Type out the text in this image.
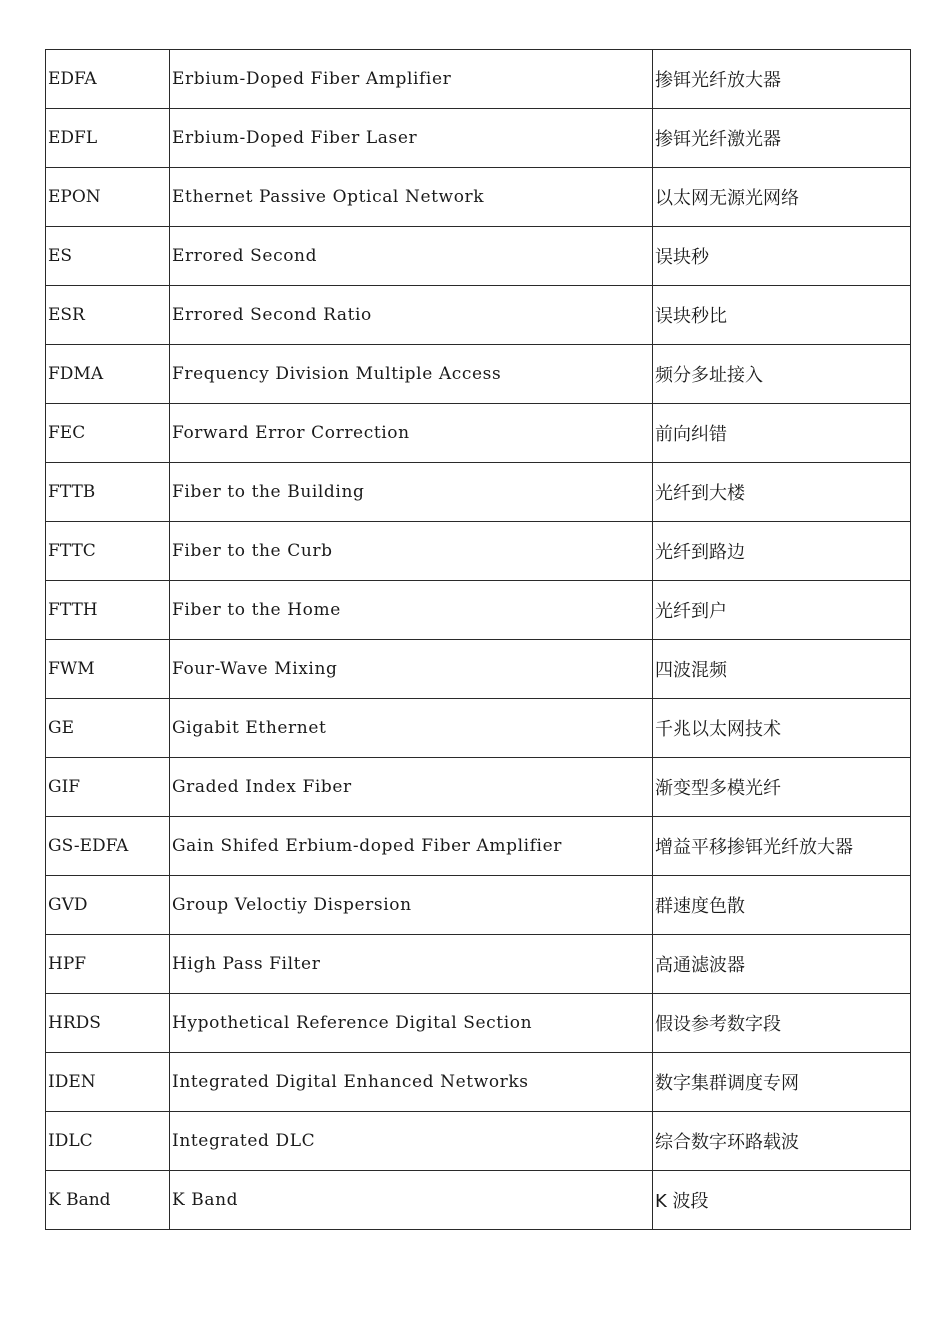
EDFA	Erbium-Doped Fiber Amplifier	掺铒光纤放大器
EDFL	Erbium-Doped Fiber Laser	掺铒光纤激光器
EPON	Ethernet Passive Optical Network	以太网无源光网络
ES	Errored Second	误块秒
ESR	Errored Second Ratio	误块秒比
FDMA	Frequency Division Multiple Access	频分多址接入
FEC	Forward Error Correction	前向纠错
FTTB	Fiber to the Building	光纤到大楼
FTTC	Fiber to the Curb	光纤到路边
FTTH	Fiber to the Home	光纤到户
FWM	Four-Wave Mixing	四波混频
GE	Gigabit Ethernet	千兆以太网技术
GIF	Graded Index Fiber	渐变型多模光纤
GS-EDFA	Gain Shifed Erbium-doped Fiber Amplifier	增益平移掺铒光纤放大器
GVD	Group Veloctiy Dispersion	群速度色散
HPF	High Pass Filter	高通滤波器
HRDS	Hypothetical Reference Digital Section	假设参考数字段
IDEN	Integrated Digital Enhanced Networks	数字集群调度专网
IDLC	Integrated DLC	综合数字环路载波
K Band	K Band	K 波段
